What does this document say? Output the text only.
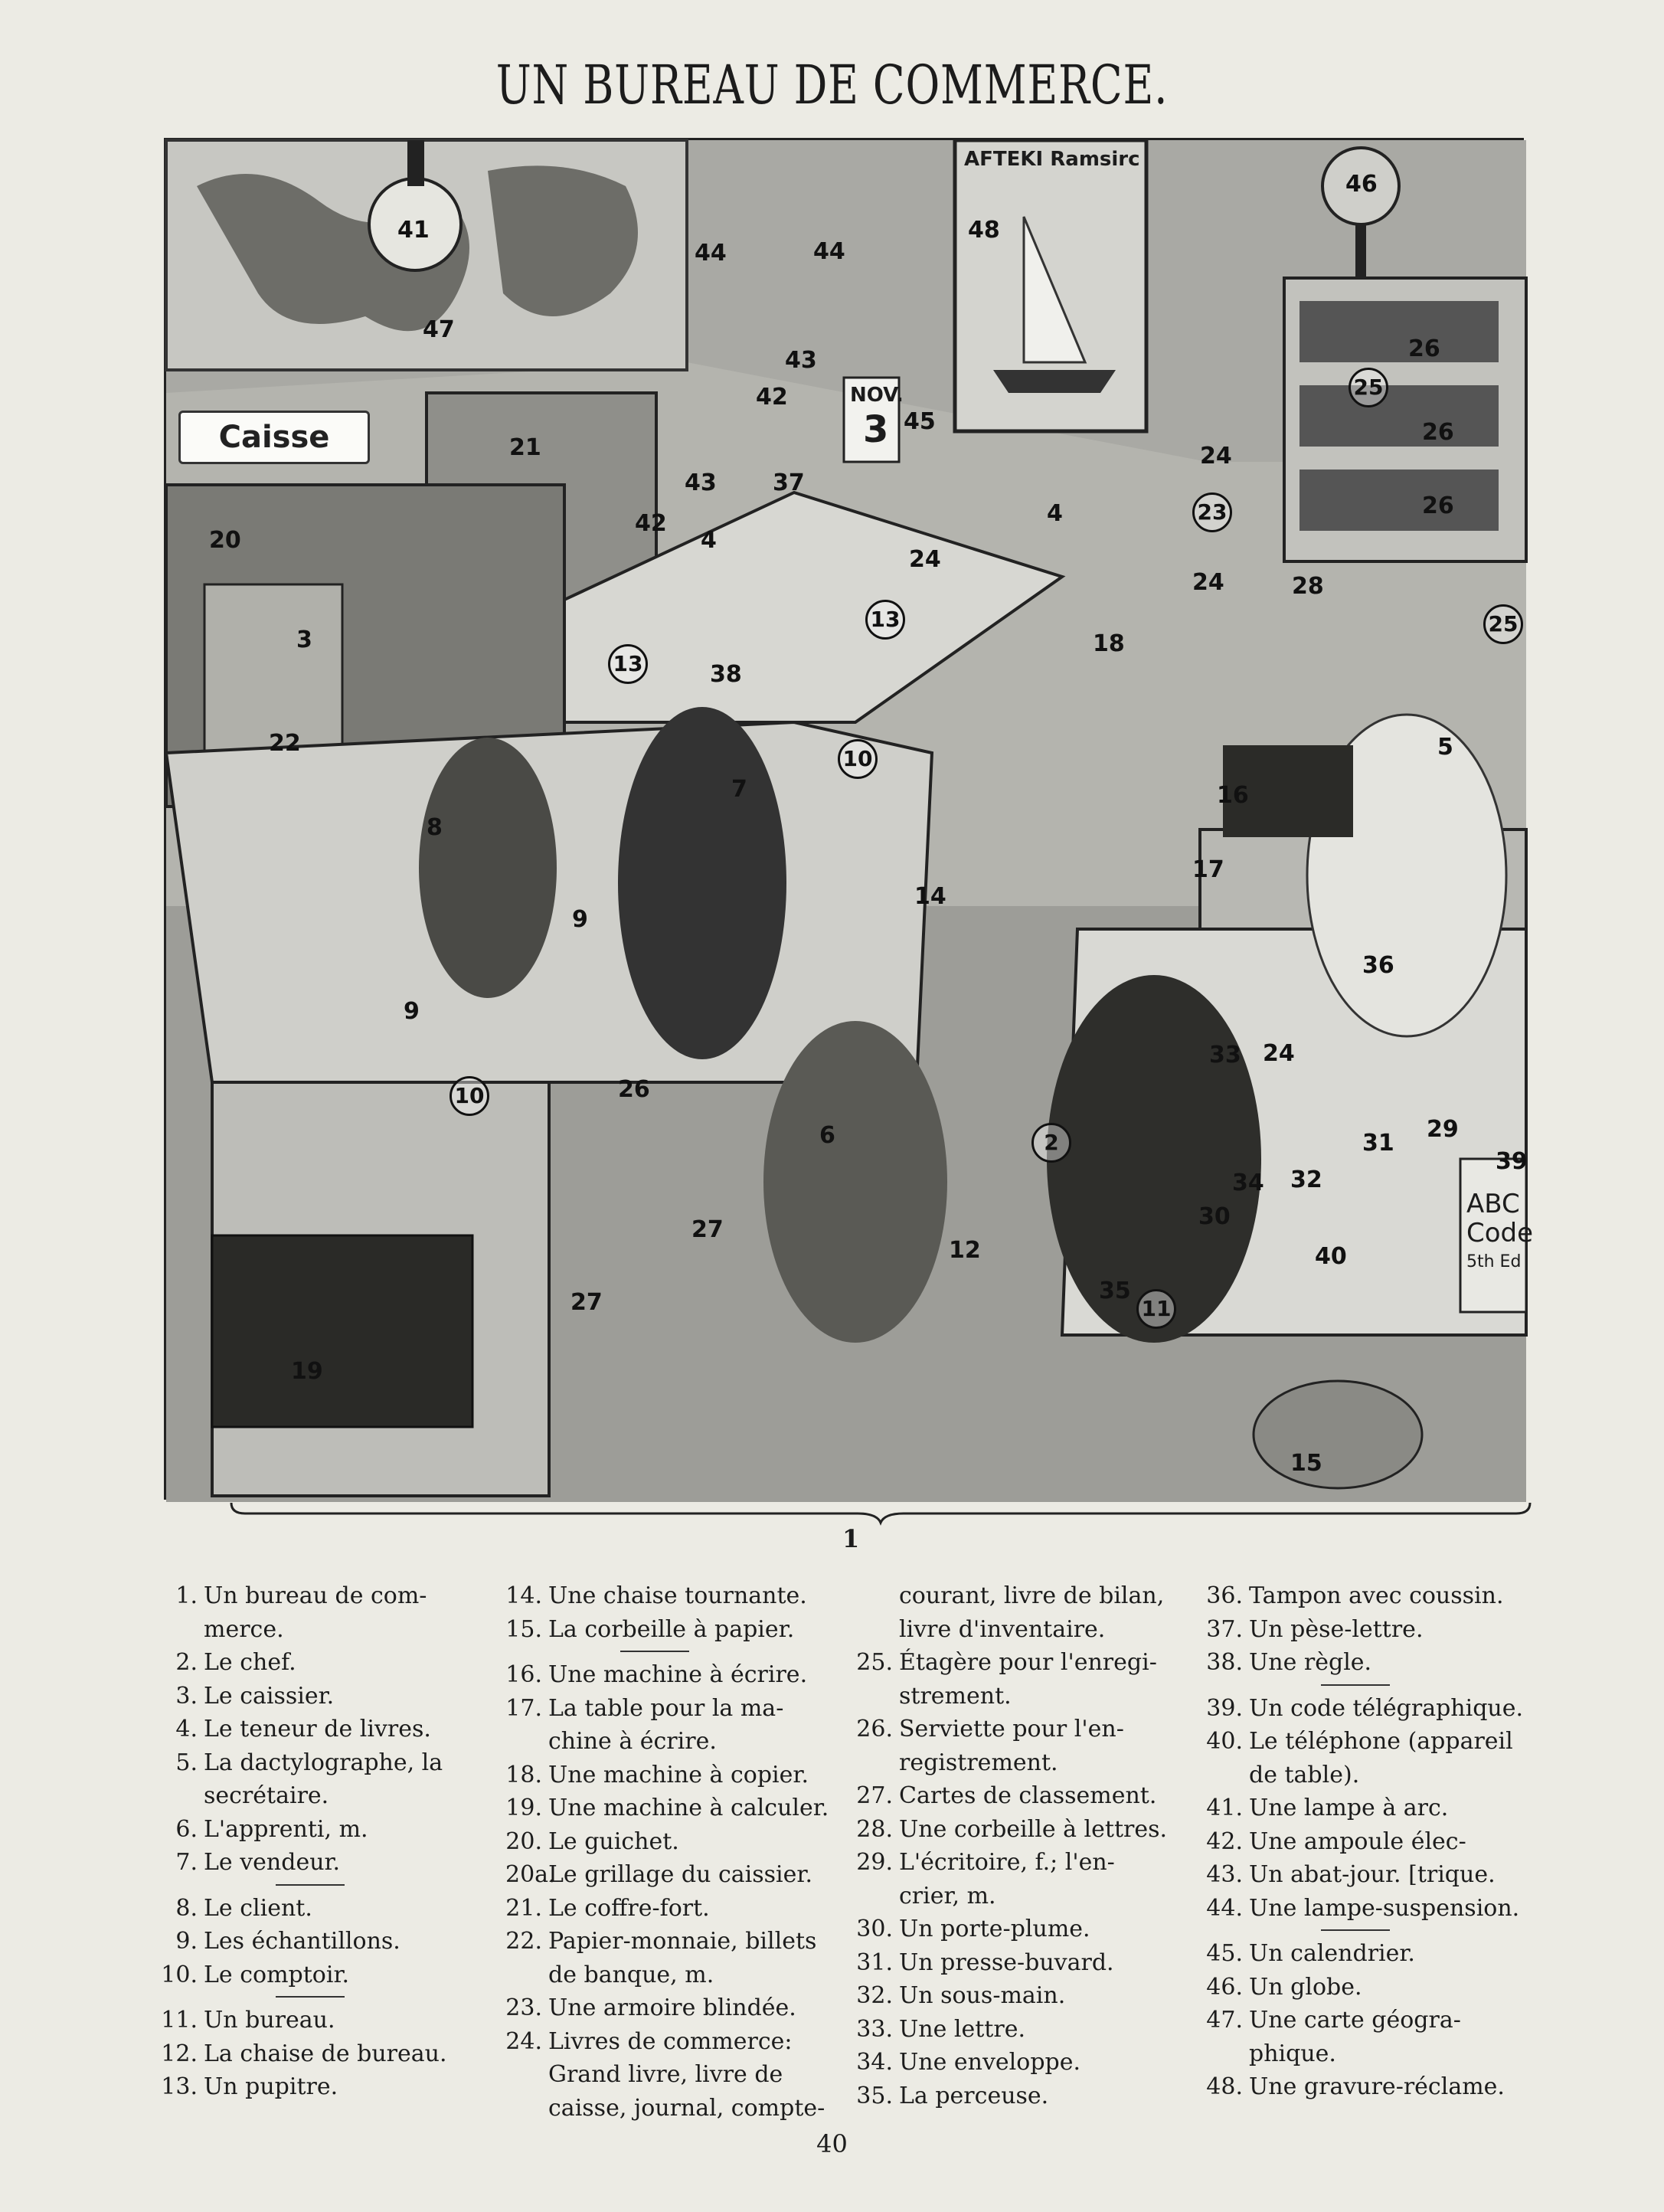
UN BUREAU DE COMMERCE.
Caisse
NOV.
3
AFTEKI Ramsirc
ABC
Code
5th Ed
41
47
44	44
43
42
48
45
46
26
25
26
26
21
20
3
22
43
42
4
37
24
13
13
38
24
4	23
24	28
25
18
10
8
7
5
16
17
14
9
9
36
33 24
29
31
39
2
32
34
30
40
12
35
11
26
6
27
27
19
15
10
1
1. Un bureau de com-
merce.
2. Le chef.
3. Le caissier.
4. Le teneur de livres.
5. La dactylographe, la
secrétaire.
6. L'apprenti, m.
7. Le vendeur.
8. Le client.
9. Les échantillons.
10. Le comptoir.
11. Un bureau.
12. La chaise de bureau.
13. Un pupitre.
14. Une chaise tournante.
15. La corbeille à papier.
16. Une machine à écrire.
17. La table pour la ma-
chine à écrire.
18. Une machine à copier.
19. Une machine à calculer.
20. Le guichet.
20a.
Le grillage du caissier.
21. Le coffre-fort.
22. Papier-monnaie, billets
de banque, m.
23. Une armoire blindée.
24. Livres de commerce:
Grand livre, livre de
caisse, journal, compte-
courant, livre de bilan,
livre d'inventaire.
25. Étagère pour l'enregi-
strement.
26. Serviette pour l'en-
registrement.
27. Cartes de classement.
28. Une corbeille à lettres.
29. L'écritoire, f.; l'en-
crier, m.
30. Un porte-plume.
31. Un presse-buvard.
32. Un sous-main.
33. Une lettre.
34. Une enveloppe.
35. La perceuse.
36. Tampon avec coussin.
37. Un pèse-lettre.
38. Une règle.
39. Un code télégraphique.
40. Le téléphone (appareil
de table).
41. Une lampe à arc.
42. Une ampoule élec-
43. Un abat-jour. [trique.
44. Une lampe-suspension.
45. Un calendrier.
46. Un globe.
47. Une carte géogra-
phique.
48. Une gravure-réclame.
40
